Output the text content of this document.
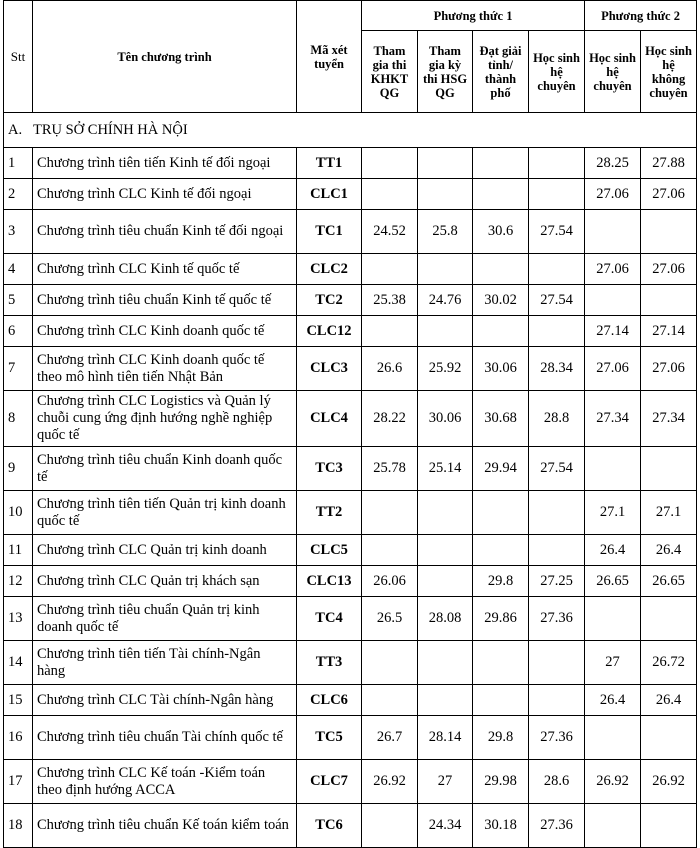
Stt	Tên chương trình	Mã xét tuyển	Phương thức 1				Phương thức 2	
			Tham gia thi KHKT QG	Tham gia kỳ thi HSG QG	Đạt giải tỉnh/ thành phố	Học sinh hệ chuyên	Học sinh hệ chuyên	Học sinh hệ không chuyên
A. TRỤ SỞ CHÍNH HÀ NỘI								
1	Chương trình tiên tiến Kinh tế đối ngoại	TT1					28.25	27.88
2	Chương trình CLC Kinh tế đối ngoại	CLC1					27.06	27.06
3	Chương trình tiêu chuẩn Kinh tế đối ngoại	TC1	24.52	25.8	30.6	27.54		
4	Chương trình CLC Kinh tế quốc tế	CLC2					27.06	27.06
5	Chương trình tiêu chuẩn Kinh tế quốc tế	TC2	25.38	24.76	30.02	27.54		
6	Chương trình CLC Kinh doanh quốc tế	CLC12					27.14	27.14
7	Chương trình CLC Kinh doanh quốc tế theo mô hình tiên tiến Nhật Bản	CLC3	26.6	25.92	30.06	28.34	27.06	27.06
8	Chương trình CLC Logistics và Quản lý chuỗi cung ứng định hướng nghề nghiệp quốc tế	CLC4	28.22	30.06	30.68	28.8	27.34	27.34
9	Chương trình tiêu chuẩn Kinh doanh quốc tế	TC3	25.78	25.14	29.94	27.54		
10	Chương trình tiên tiến Quản trị kinh doanh quốc tế	TT2					27.1	27.1
11	Chương trình CLC Quản trị kinh doanh	CLC5					26.4	26.4
12	Chương trình CLC Quản trị khách sạn	CLC13	26.06		29.8	27.25	26.65	26.65
13	Chương trình tiêu chuẩn Quản trị kinh doanh quốc tế	TC4	26.5	28.08	29.86	27.36		
14	Chương trình tiên tiến Tài chính-Ngân hàng	TT3					27	26.72
15	Chương trình CLC Tài chính-Ngân hàng	CLC6					26.4	26.4
16	Chương trình tiêu chuẩn Tài chính quốc tế	TC5	26.7	28.14	29.8	27.36		
17	Chương trình CLC Kế toán -Kiểm toán theo định hướng ACCA	CLC7	26.92	27	29.98	28.6	26.92	26.92
18	Chương trình tiêu chuẩn Kế toán kiểm toán	TC6		24.34	30.18	27.36		
